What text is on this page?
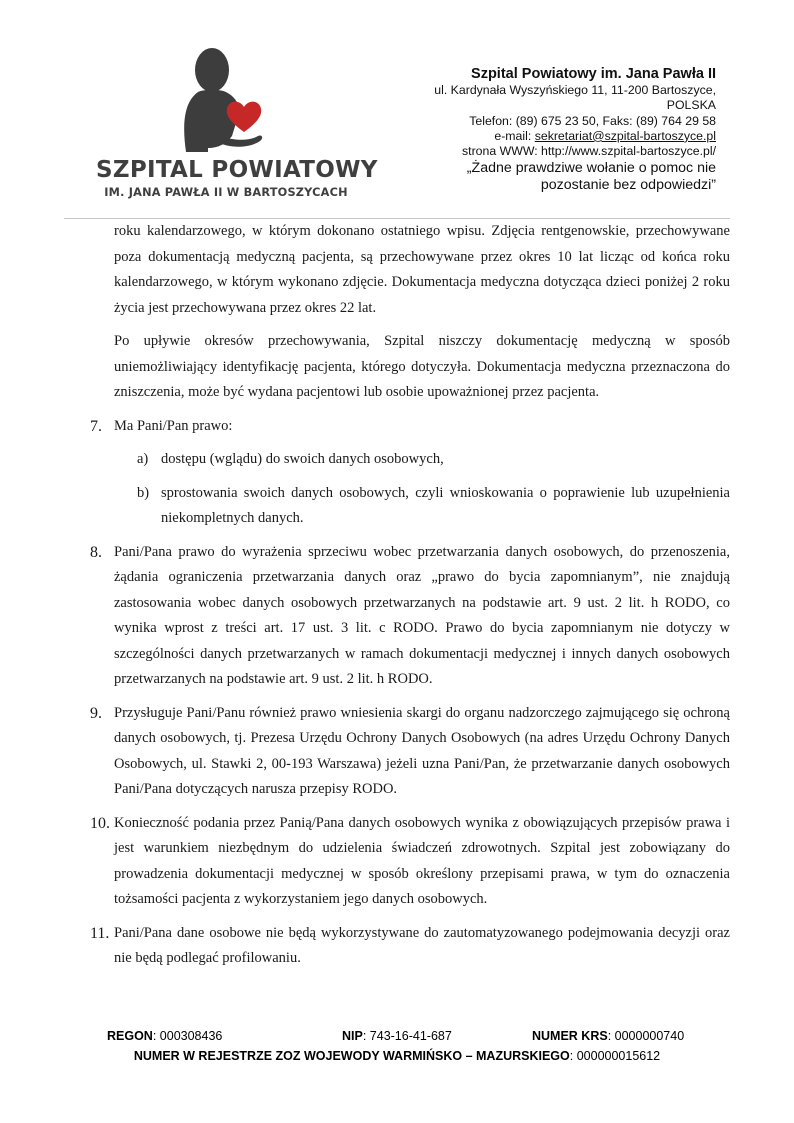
SZPITAL POWIATOWY
IM. JANA PAWŁA II W BARTOSZYCACH
Szpital Powiatowy im. Jana Pawła II
ul. Kardynała Wyszyńskiego 11, 11-200 Bartoszyce,
POLSKA
Telefon: (89) 675 23 50, Faks: (89) 764 29 58
e-mail: sekretariat@szpital-bartoszyce.pl
strona WWW: http://www.szpital-bartoszyce.pl/
„Żadne prawdziwe wołanie o pomoc nie
pozostanie bez odpowiedzi”

roku kalendarzowego, w którym dokonano ostatniego wpisu. Zdjęcia rentgenowskie, przechowywane poza dokumentacją medyczną pacjenta, są przechowywane przez okres 10 lat licząc od końca roku kalendarzowego, w którym wykonano zdjęcie. Dokumentacja medyczna dotycząca dzieci poniżej 2 roku życia jest przechowywana przez okres 22 lat.

Po upływie okresów przechowywania, Szpital niszczy dokumentację medyczną w sposób uniemożliwiający identyfikację pacjenta, którego dotyczyła. Dokumentacja medyczna przeznaczona do zniszczenia, może być wydana pacjentowi lub osobie upoważnionej przez pacjenta.

7. Ma Pani/Pan prawo:
a) dostępu (wglądu) do swoich danych osobowych,
b) sprostowania swoich danych osobowych, czyli wnioskowania o poprawienie lub uzupełnienia niekompletnych danych.
8. Pani/Pana prawo do wyrażenia sprzeciwu wobec przetwarzania danych osobowych, do przenoszenia, żądania ograniczenia przetwarzania danych oraz „prawo do bycia zapomnianym”, nie znajdują zastosowania wobec danych osobowych przetwarzanych na podstawie art. 9 ust. 2 lit. h RODO, co wynika wprost z treści art. 17 ust. 3 lit. c RODO. Prawo do bycia zapomnianym nie dotyczy w szczególności danych przetwarzanych w ramach dokumentacji medycznej i innych danych osobowych przetwarzanych na podstawie art. 9 ust. 2 lit. h RODO.
9. Przysługuje Pani/Panu również prawo wniesienia skargi do organu nadzorczego zajmującego się ochroną danych osobowych, tj. Prezesa Urzędu Ochrony Danych Osobowych (na adres Urzędu Ochrony Danych Osobowych, ul. Stawki 2, 00-193 Warszawa) jeżeli uzna Pani/Pan, że przetwarzanie danych osobowych Pani/Pana dotyczących narusza przepisy RODO.
10. Konieczność podania przez Panią/Pana danych osobowych wynika z obowiązujących przepisów prawa i jest warunkiem niezbędnym do udzielenia świadczeń zdrowotnych. Szpital jest zobowiązany do prowadzenia dokumentacji medycznej w sposób określony przepisami prawa, w tym do oznaczenia tożsamości pacjenta z wykorzystaniem jego danych osobowych.
11. Pani/Pana dane osobowe nie będą wykorzystywane do zautomatyzowanego podejmowania decyzji oraz nie będą podlegać profilowaniu.
REGON: 000308436	NIP: 743-16-41-687	NUMER KRS: 0000000740
NUMER W REJESTRZE ZOZ WOJEWODY WARMIŃSKO – MAZURSKIEGO: 000000015612
